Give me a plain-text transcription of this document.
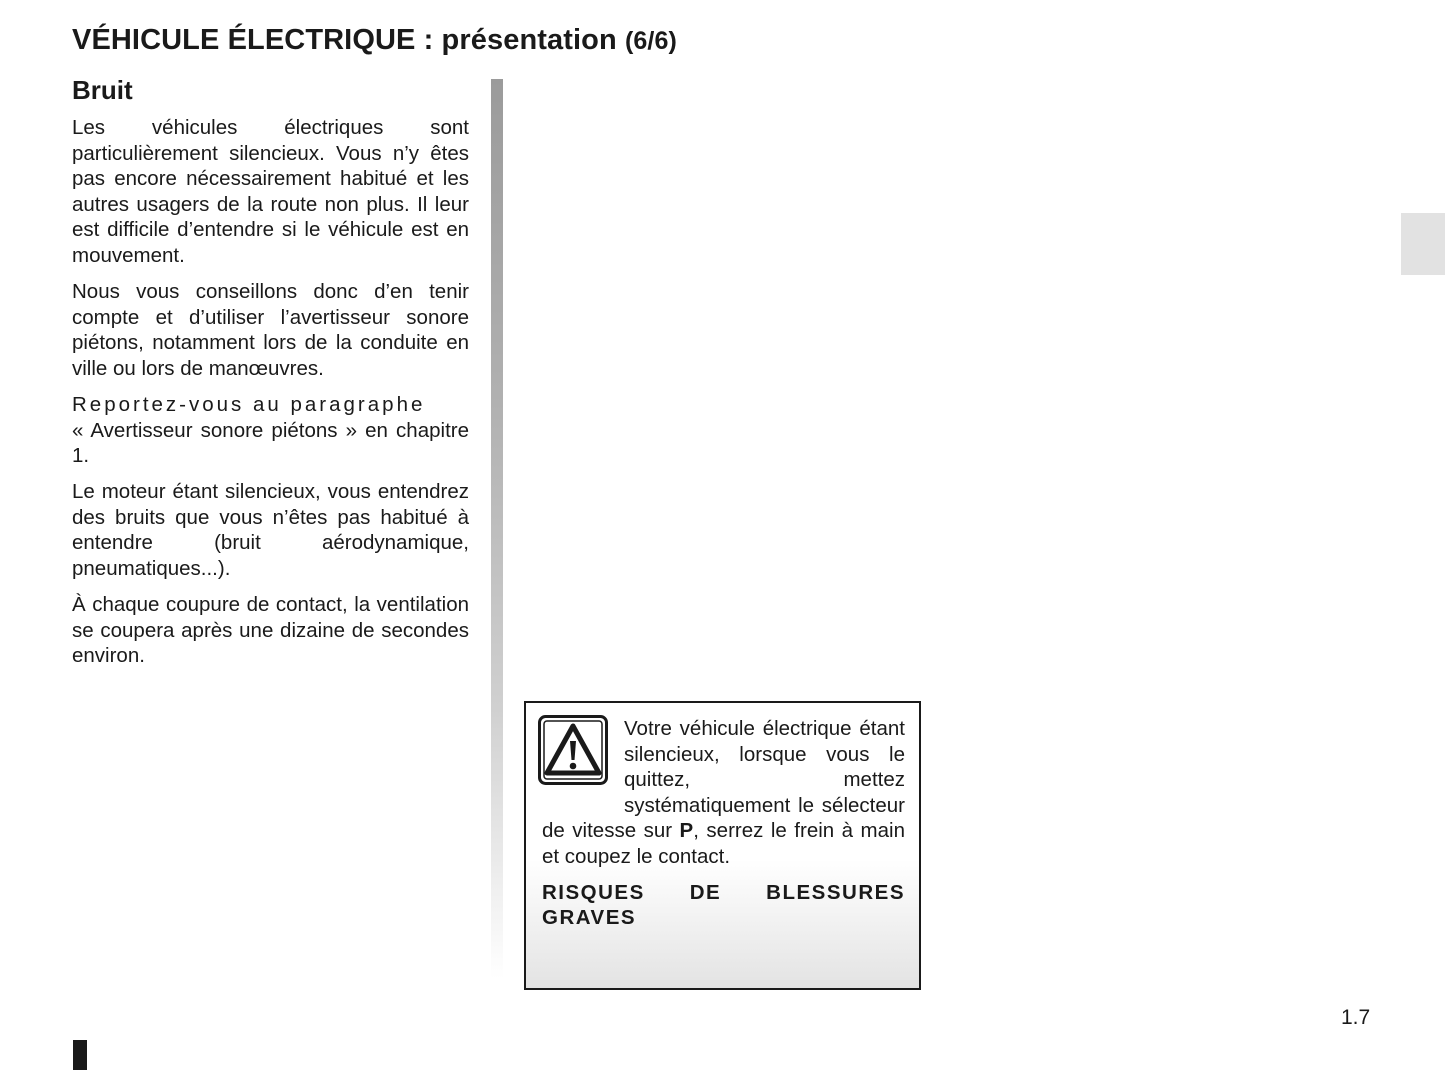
VÉHICULE ÉLECTRIQUE : présentation (6/6)
Bruit

Les véhicules électriques sont particulièrement silencieux. Vous n’y êtes pas encore nécessairement habitué et les autres usagers de la route non plus. Il leur est difficile d’entendre si le véhicule est en mouvement.

Nous vous conseillons donc d’en tenir compte et d’utiliser l’avertisseur sonore piétons, notamment lors de la conduite en ville ou lors de manœuvres.

Reportez-vous au paragraphe
« Avertisseur sonore piétons » en chapitre 1.

Le moteur étant silencieux, vous entendrez des bruits que vous n’êtes pas habitué à entendre (bruit aérodynamique, pneumatiques...).

À chaque coupure de contact, la ventilation se coupera après une dizaine de secondes environ.

Votre véhicule électrique étant silencieux, lorsque vous le quittez, mettez systématiquement le sélecteur de vitesse sur P, serrez le frein à main et coupez le contact.

RISQUES DE BLESSURES GRAVES

1.7
